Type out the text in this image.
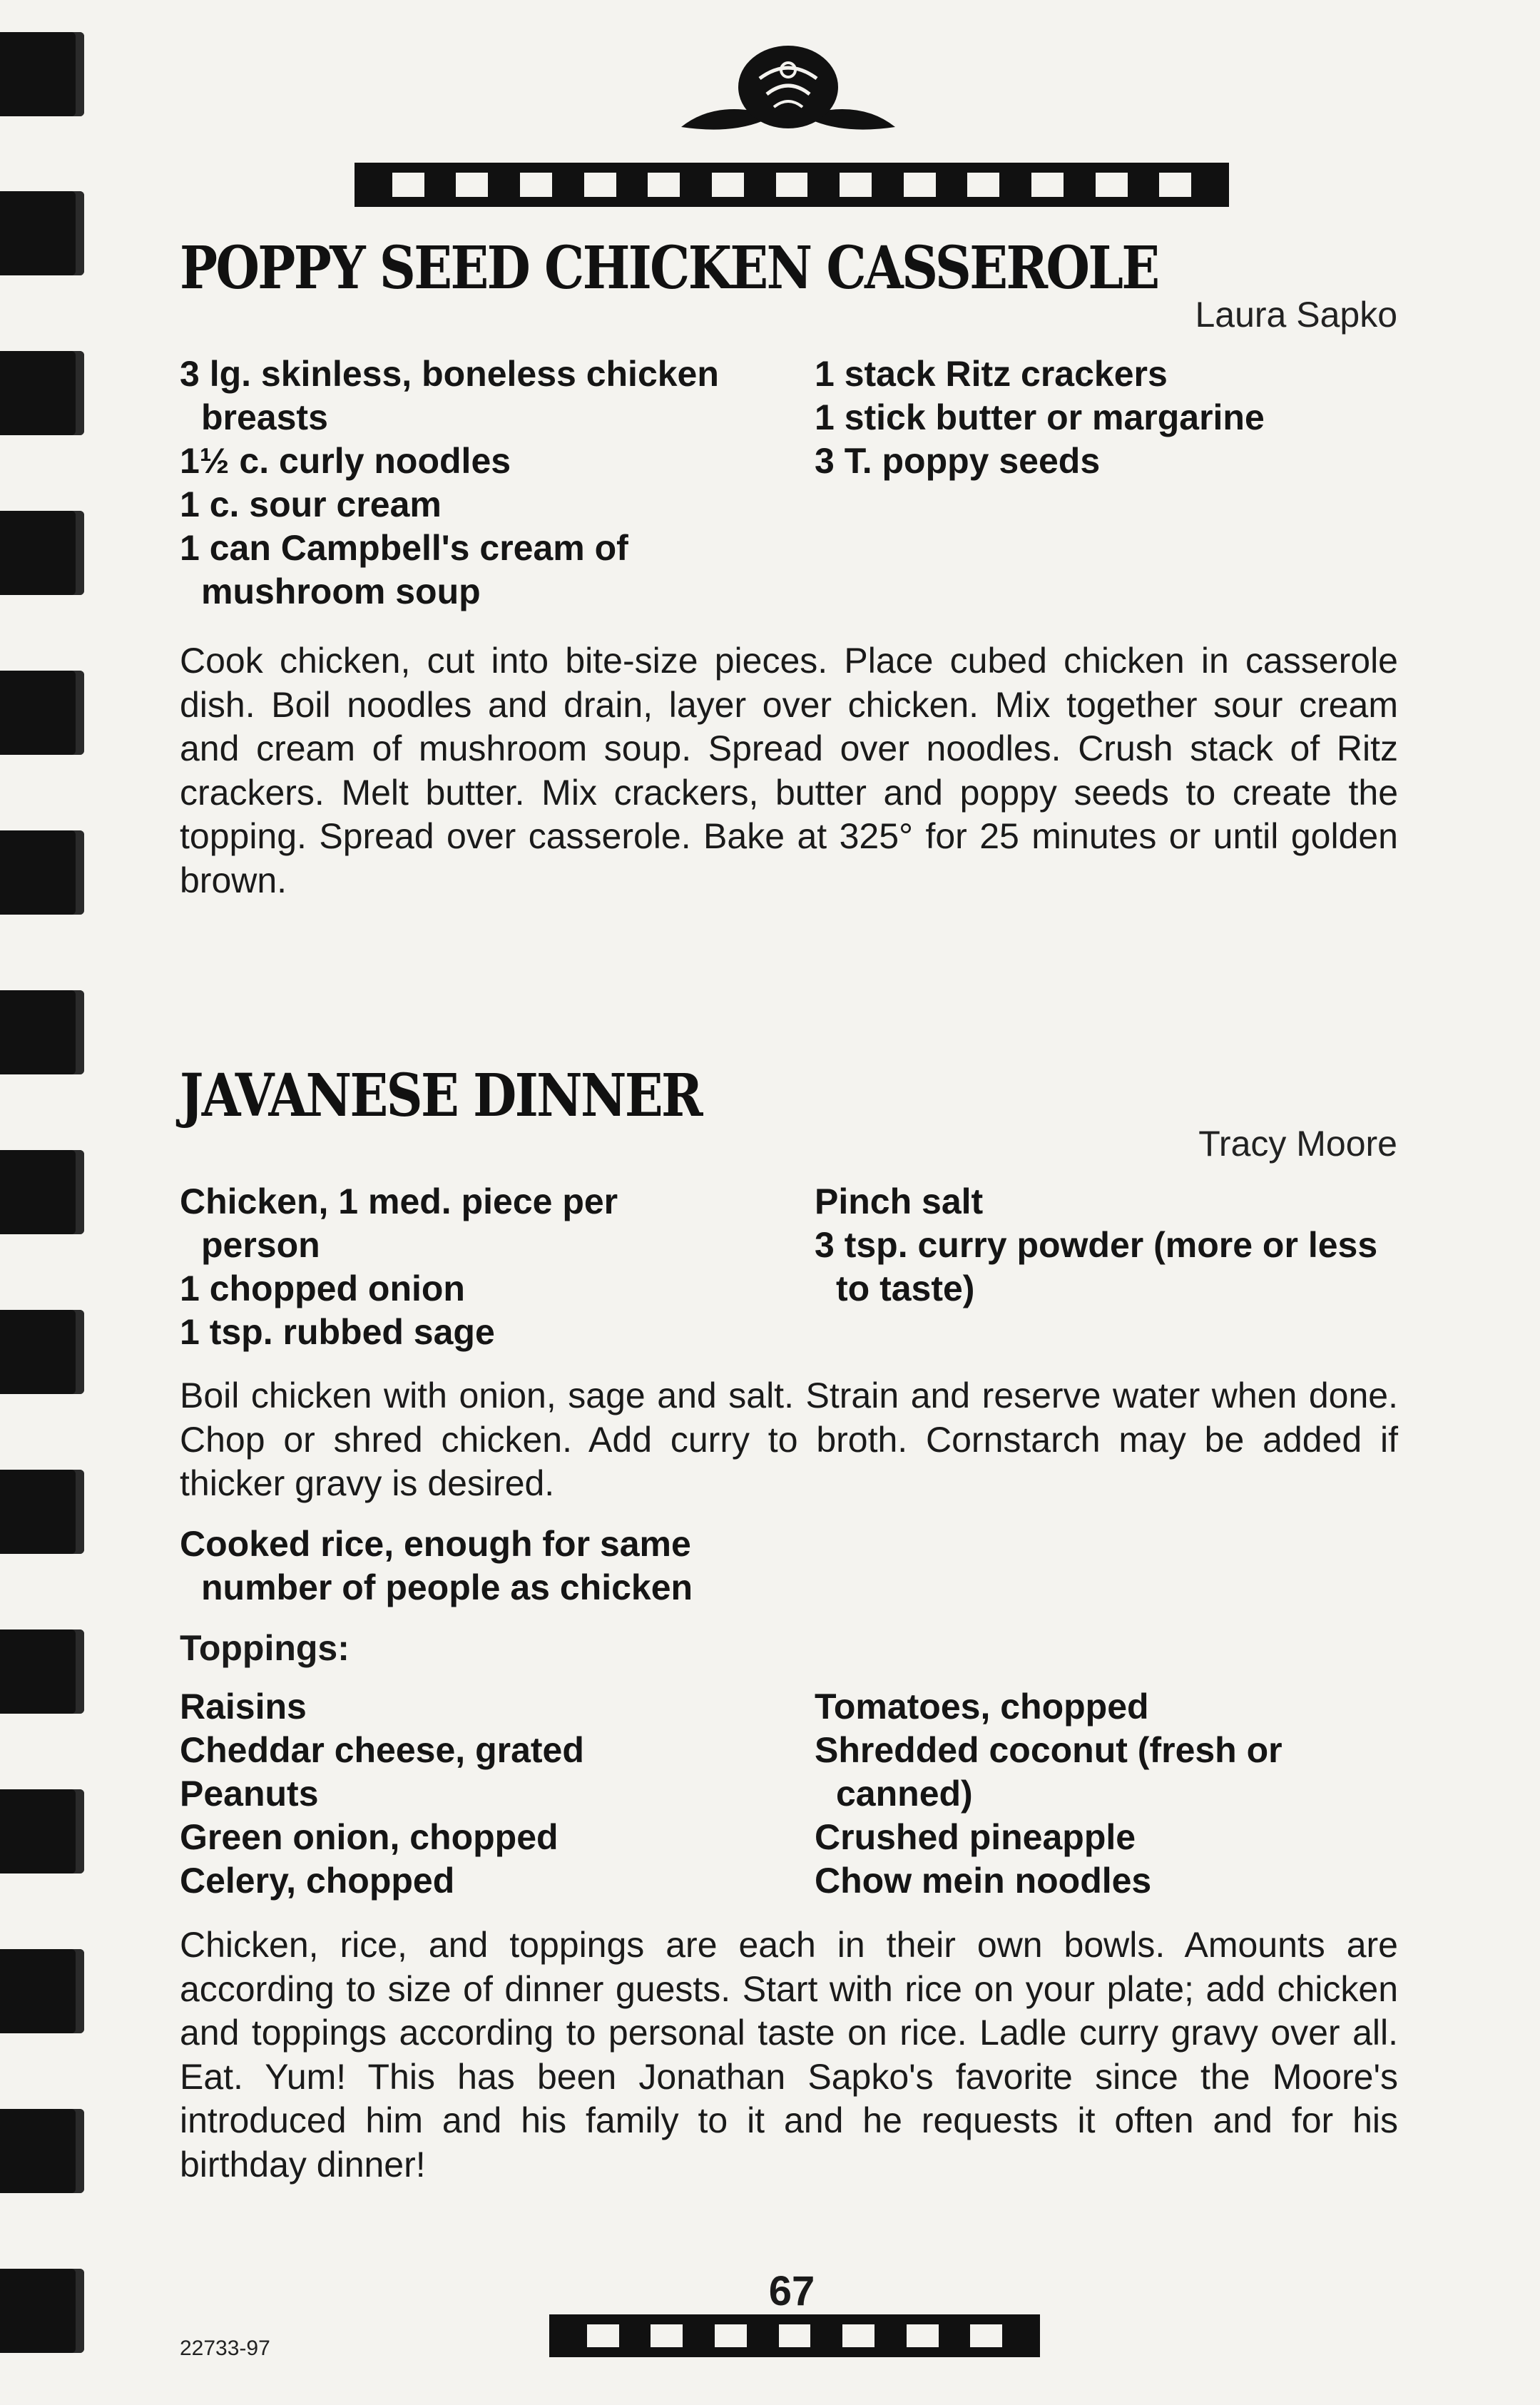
POPPY SEED CHICKEN CASSEROLE

Laura Sapko

3 lg. skinless, boneless chicken breasts
1½ c. curly noodles
1 c. sour cream
1 can Campbell's cream of mushroom soup
1 stack Ritz crackers
1 stick butter or margarine
3 T. poppy seeds

Cook chicken, cut into bite-size pieces. Place cubed chicken in casserole dish. Boil noodles and drain, layer over chicken. Mix together sour cream and cream of mushroom soup. Spread over noodles. Crush stack of Ritz crackers. Melt butter. Mix crackers, butter and poppy seeds to create the topping. Spread over casserole. Bake at 325° for 25 minutes or until golden brown.

JAVANESE DINNER

Tracy Moore

Chicken, 1 med. piece per person
1 chopped onion
1 tsp. rubbed sage
Pinch salt
3 tsp. curry powder (more or less to taste)

Boil chicken with onion, sage and salt. Strain and reserve water when done. Chop or shred chicken. Add curry to broth. Cornstarch may be added if thicker gravy is desired.

Cooked rice, enough for same number of people as chicken

Toppings:

Raisins
Cheddar cheese, grated
Peanuts
Green onion, chopped
Celery, chopped
Tomatoes, chopped
Shredded coconut (fresh or canned)
Crushed pineapple
Chow mein noodles

Chicken, rice, and toppings are each in their own bowls. Amounts are according to size of dinner guests. Start with rice on your plate; add chicken and toppings according to personal taste on rice. Ladle curry gravy over all. Eat. Yum! This has been Jonathan Sapko's favorite since the Moore's introduced him and his family to it and he requests it often and for his birthday dinner!

67

22733-97
